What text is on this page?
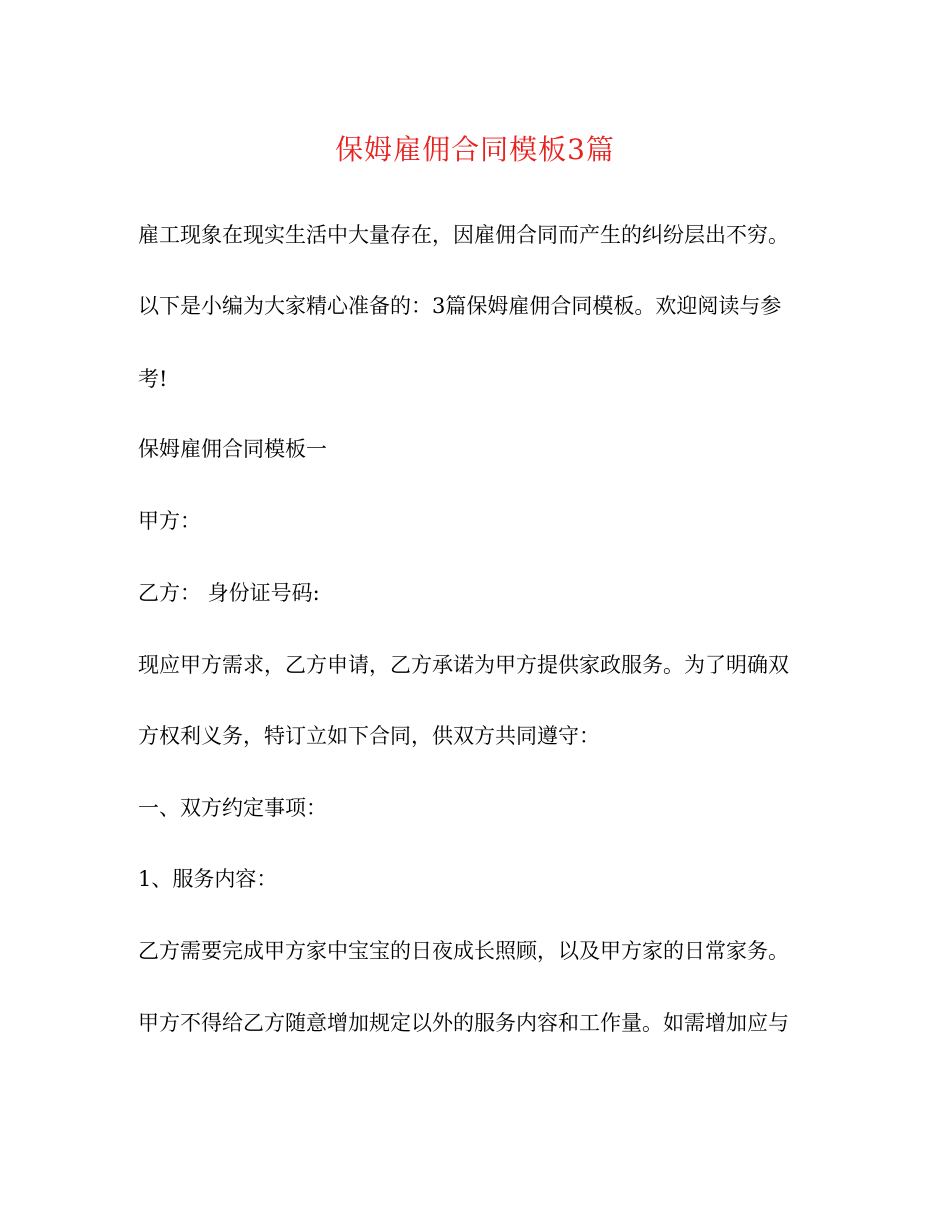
保姆雇佣合同模板3篇

雇工现象在现实生活中大量存在，因雇佣合同而产生的纠纷层出不穷。

以下是小编为大家精心准备的：3篇保姆雇佣合同模板。欢迎阅读与参

考!

保姆雇佣合同模板一

甲方：

乙方： 身份证号码:

现应甲方需求，乙方申请，乙方承诺为甲方提供家政服务。为了明确双

方权利义务，特订立如下合同，供双方共同遵守：

一、双方约定事项：

1、服务内容：

乙方需要完成甲方家中宝宝的日夜成长照顾，以及甲方家的日常家务。

甲方不得给乙方随意增加规定以外的服务内容和工作量。如需增加应与
